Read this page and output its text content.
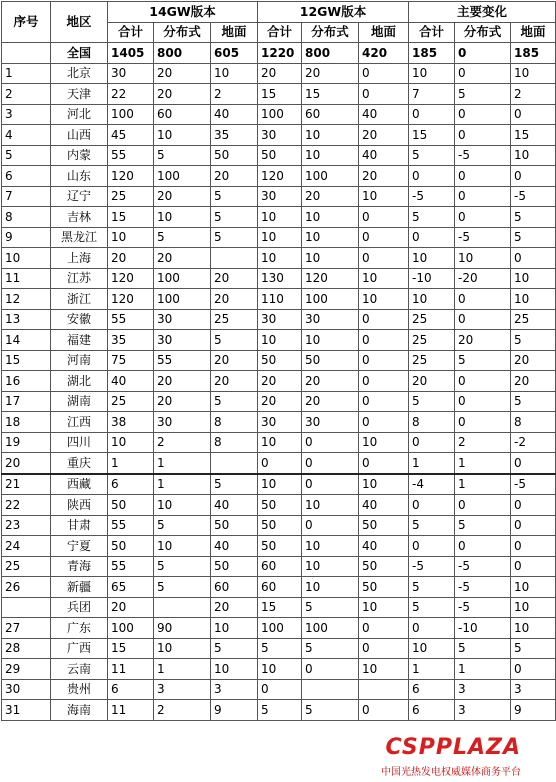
序号	地区	14GW版本			12GW版本			主要变化		
		合计	分布式	地面	合计	分布式	地面	合计	分布式	地面
	全国	1405	800	605	1220	800	420	185	0	185
1	北京	30	20	10	20	20	0	10	0	10
2	天津	22	20	2	15	15	0	7	5	2
3	河北	100	60	40	100	60	40	0	0	0
4	山西	45	10	35	30	10	20	15	0	15
5	内蒙	55	5	50	50	10	40	5	-5	10
6	山东	120	100	20	120	100	20	0	0	0
7	辽宁	25	20	5	30	20	10	-5	0	-5
8	吉林	15	10	5	10	10	0	5	0	5
9	黑龙江	10	5	5	10	10	0	0	-5	5
10	上海	20	20		10	10	0	10	10	0
11	江苏	120	100	20	130	120	10	-10	-20	10
12	浙江	120	100	20	110	100	10	10	0	10
13	安徽	55	30	25	30	30	0	25	0	25
14	福建	35	30	5	10	10	0	25	20	5
15	河南	75	55	20	50	50	0	25	5	20
16	湖北	40	20	20	20	20	0	20	0	20
17	湖南	25	20	5	20	20	0	5	0	5
18	江西	38	30	8	30	30	0	8	0	8
19	四川	10	2	8	10	0	10	0	2	-2
20	重庆	1	1		0	0	0	1	1	0
21	西藏	6	1	5	10	0	10	-4	1	-5
22	陕西	50	10	40	50	10	40	0	0	0
23	甘肃	55	5	50	50	0	50	5	5	0
24	宁夏	50	10	40	50	10	40	0	0	0
25	青海	55	5	50	60	10	50	-5	-5	0
26	新疆	65	5	60	60	10	50	5	-5	10
	兵团	20		20	15	5	10	5	-5	10
27	广东	100	90	10	100	100	0	0	-10	10
28	广西	15	10	5	5	5	0	10	5	5
29	云南	11	1	10	10	0	10	1	1	0
30	贵州	6	3	3	0			6	3	3
31	海南	11	2	9	5	5	0	6	3	9
CSPPLAZA
中国光热发电权威媒体商务平台
